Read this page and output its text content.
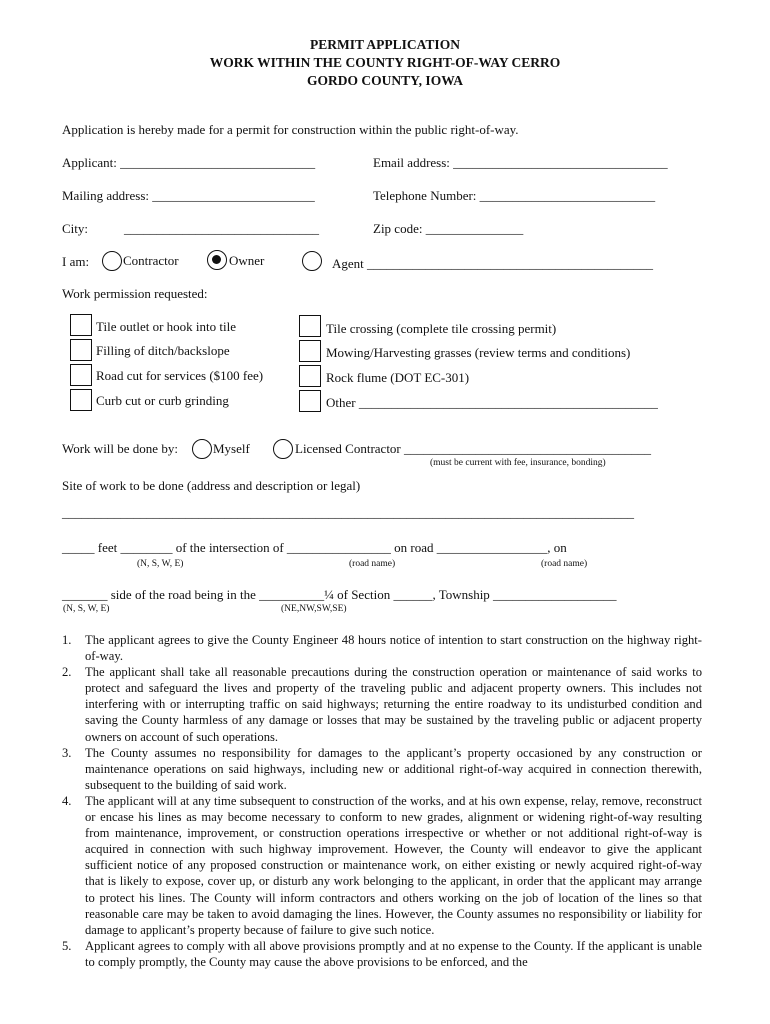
PERMIT APPLICATION
WORK WITHIN THE COUNTY RIGHT-OF-WAY CERRO
GORDO COUNTY, IOWA
Application is hereby made for a permit for construction within the public right-of-way.
Applicant: ______________________________	Email address: _________________________________
Mailing address: _________________________	Telephone Number: ___________________________
City:	______________________________	Zip code: _______________
I am:	Contractor	Owner	Agent ____________________________________________
Work permission requested:
Tile outlet or hook into tile
Filling of ditch/backslope
Road cut for services ($100 fee)
Curb cut or curb grinding
Tile crossing (complete tile crossing permit)
Mowing/Harvesting grasses (review terms and conditions)
Rock flume (DOT EC-301)
Other ______________________________________________
Work will be done by:	Myself	Licensed Contractor ______________________________________
(must be current with fee, insurance, bonding)
Site of work to be done (address and description or legal)
________________________________________________________________________________________
_____ feet ________ of the intersection of ________________ on road _________________, on
(N, S, W, E)	(road name)	(road name)
_______ side of the road being in the __________¼ of Section ______, Township ___________________
(N, S, W, E)	(NE,NW,SW,SE)
1. The applicant agrees to give the County Engineer 48 hours notice of intention to start construction on the highway right-of-way.
2. The applicant shall take all reasonable precautions during the construction operation or maintenance of said works to protect and safeguard the lives and property of the traveling public and adjacent property owners. This includes not interfering with or interrupting traffic on said highways; returning the entire roadway to its undisturbed condition and saving the County harmless of any damage or losses that may be sustained by the traveling public or adjacent property owners on account of such operations.
3. The County assumes no responsibility for damages to the applicant’s property occasioned by any construction or maintenance operations on said highways, including new or additional right-of-way acquired in connection therewith, subsequent to the building of said work.
4. The applicant will at any time subsequent to construction of the works, and at his own expense, relay, remove, reconstruct or encase his lines as may become necessary to conform to new grades, alignment or widening right-of-way resulting from maintenance, improvement, or construction operations irrespective or whether or not additional right-of-way is acquired in connection with such highway improvement. However, the County will endeavor to give the applicant sufficient notice of any proposed construction or maintenance work, on either existing or newly acquired right-of-way that is likely to expose, cover up, or disturb any work belonging to the applicant, in order that the applicant may arrange to protect his lines. The County will inform contractors and others working on the job of location of the lines so that reasonable care may be taken to avoid damaging the lines. However, the County assumes no responsibility or liability for damage to applicant’s property because of failure to give such notice.
5. Applicant agrees to comply with all above provisions promptly and at no expense to the County. If the applicant is unable to comply promptly, the County may cause the above provisions to be enforced, and the
